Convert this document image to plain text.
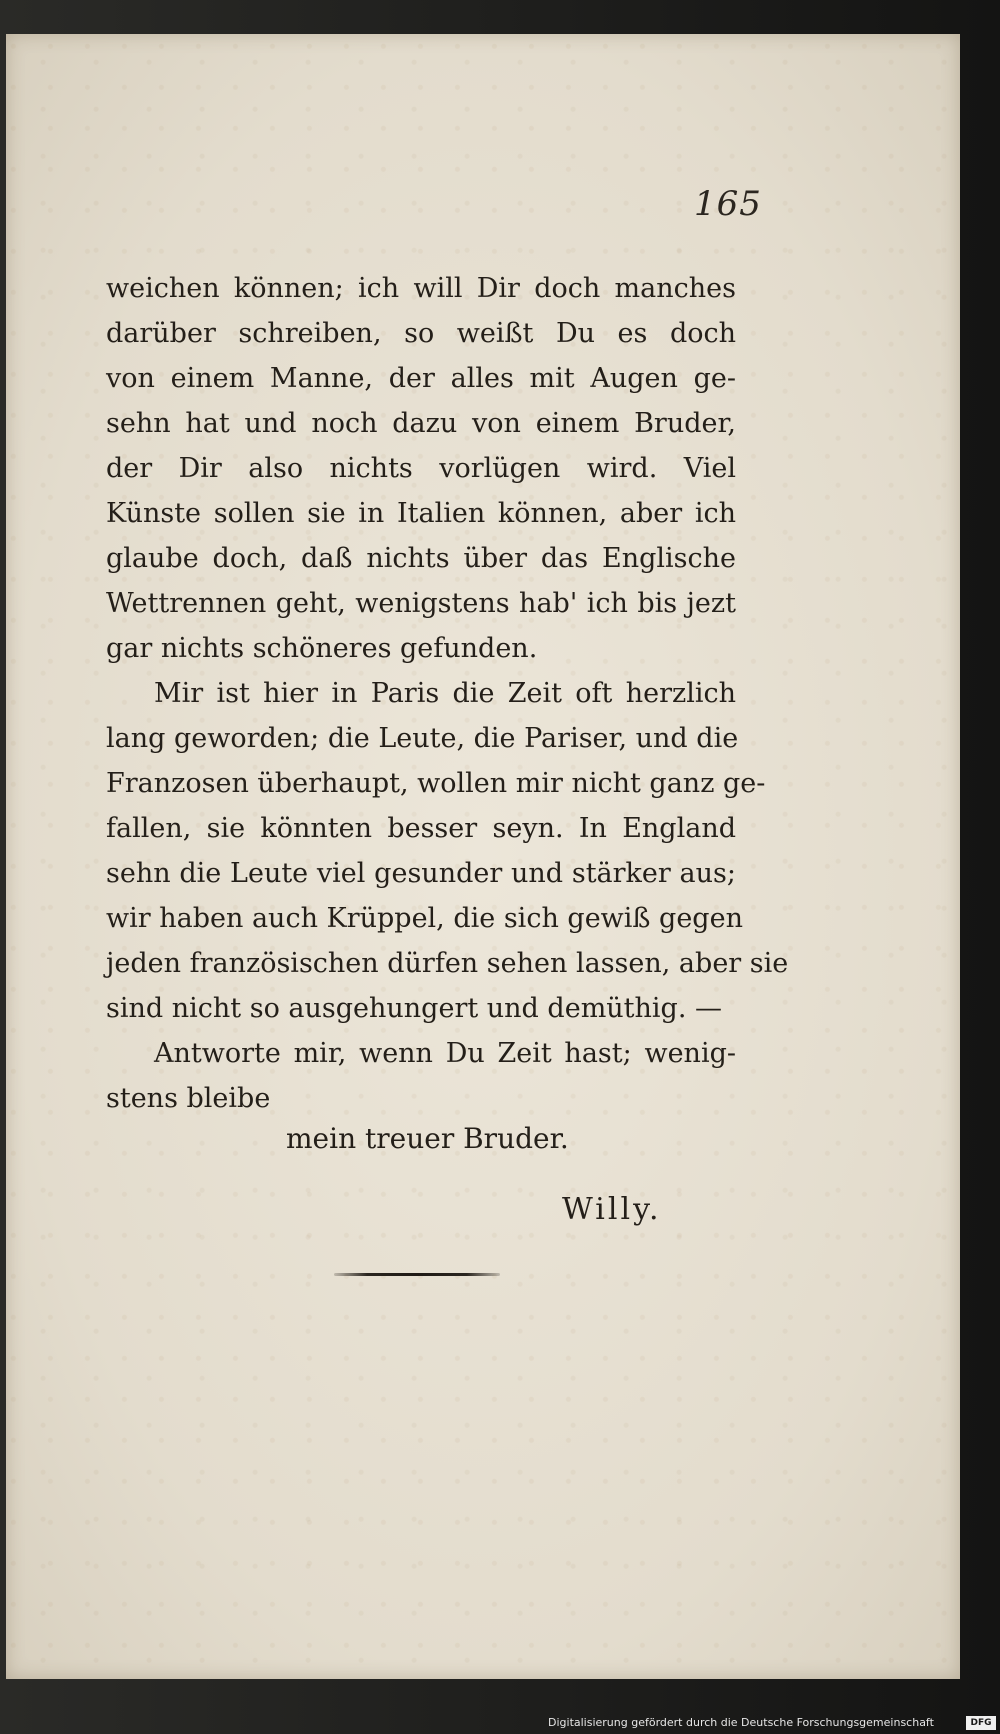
165
weichen können; ich will Dir doch manches
darüber schreiben, so weißt Du es doch
von einem Manne, der alles mit Augen ge-
sehn hat und noch dazu von einem Bruder,
der Dir also nichts vorlügen wird. Viel
Künste sollen sie in Italien können, aber ich
glaube doch, daß nichts über das Englische
Wettrennen geht, wenigstens hab' ich bis jezt
gar nichts schöneres gefunden.
Mir ist hier in Paris die Zeit oft herzlich
lang geworden; die Leute, die Pariser, und die
Franzosen überhaupt, wollen mir nicht ganz ge-
fallen, sie könnten besser seyn. In England
sehn die Leute viel gesunder und stärker aus;
wir haben auch Krüppel, die sich gewiß gegen
jeden französischen dürfen sehen lassen, aber sie
sind nicht so ausgehungert und demüthig. —
Antworte mir, wenn Du Zeit hast; wenig-
stens bleibe
mein treuer Bruder.
Willy.
Digitalisierung gefördert durch die Deutsche Forschungsgemeinschaft	DFG
